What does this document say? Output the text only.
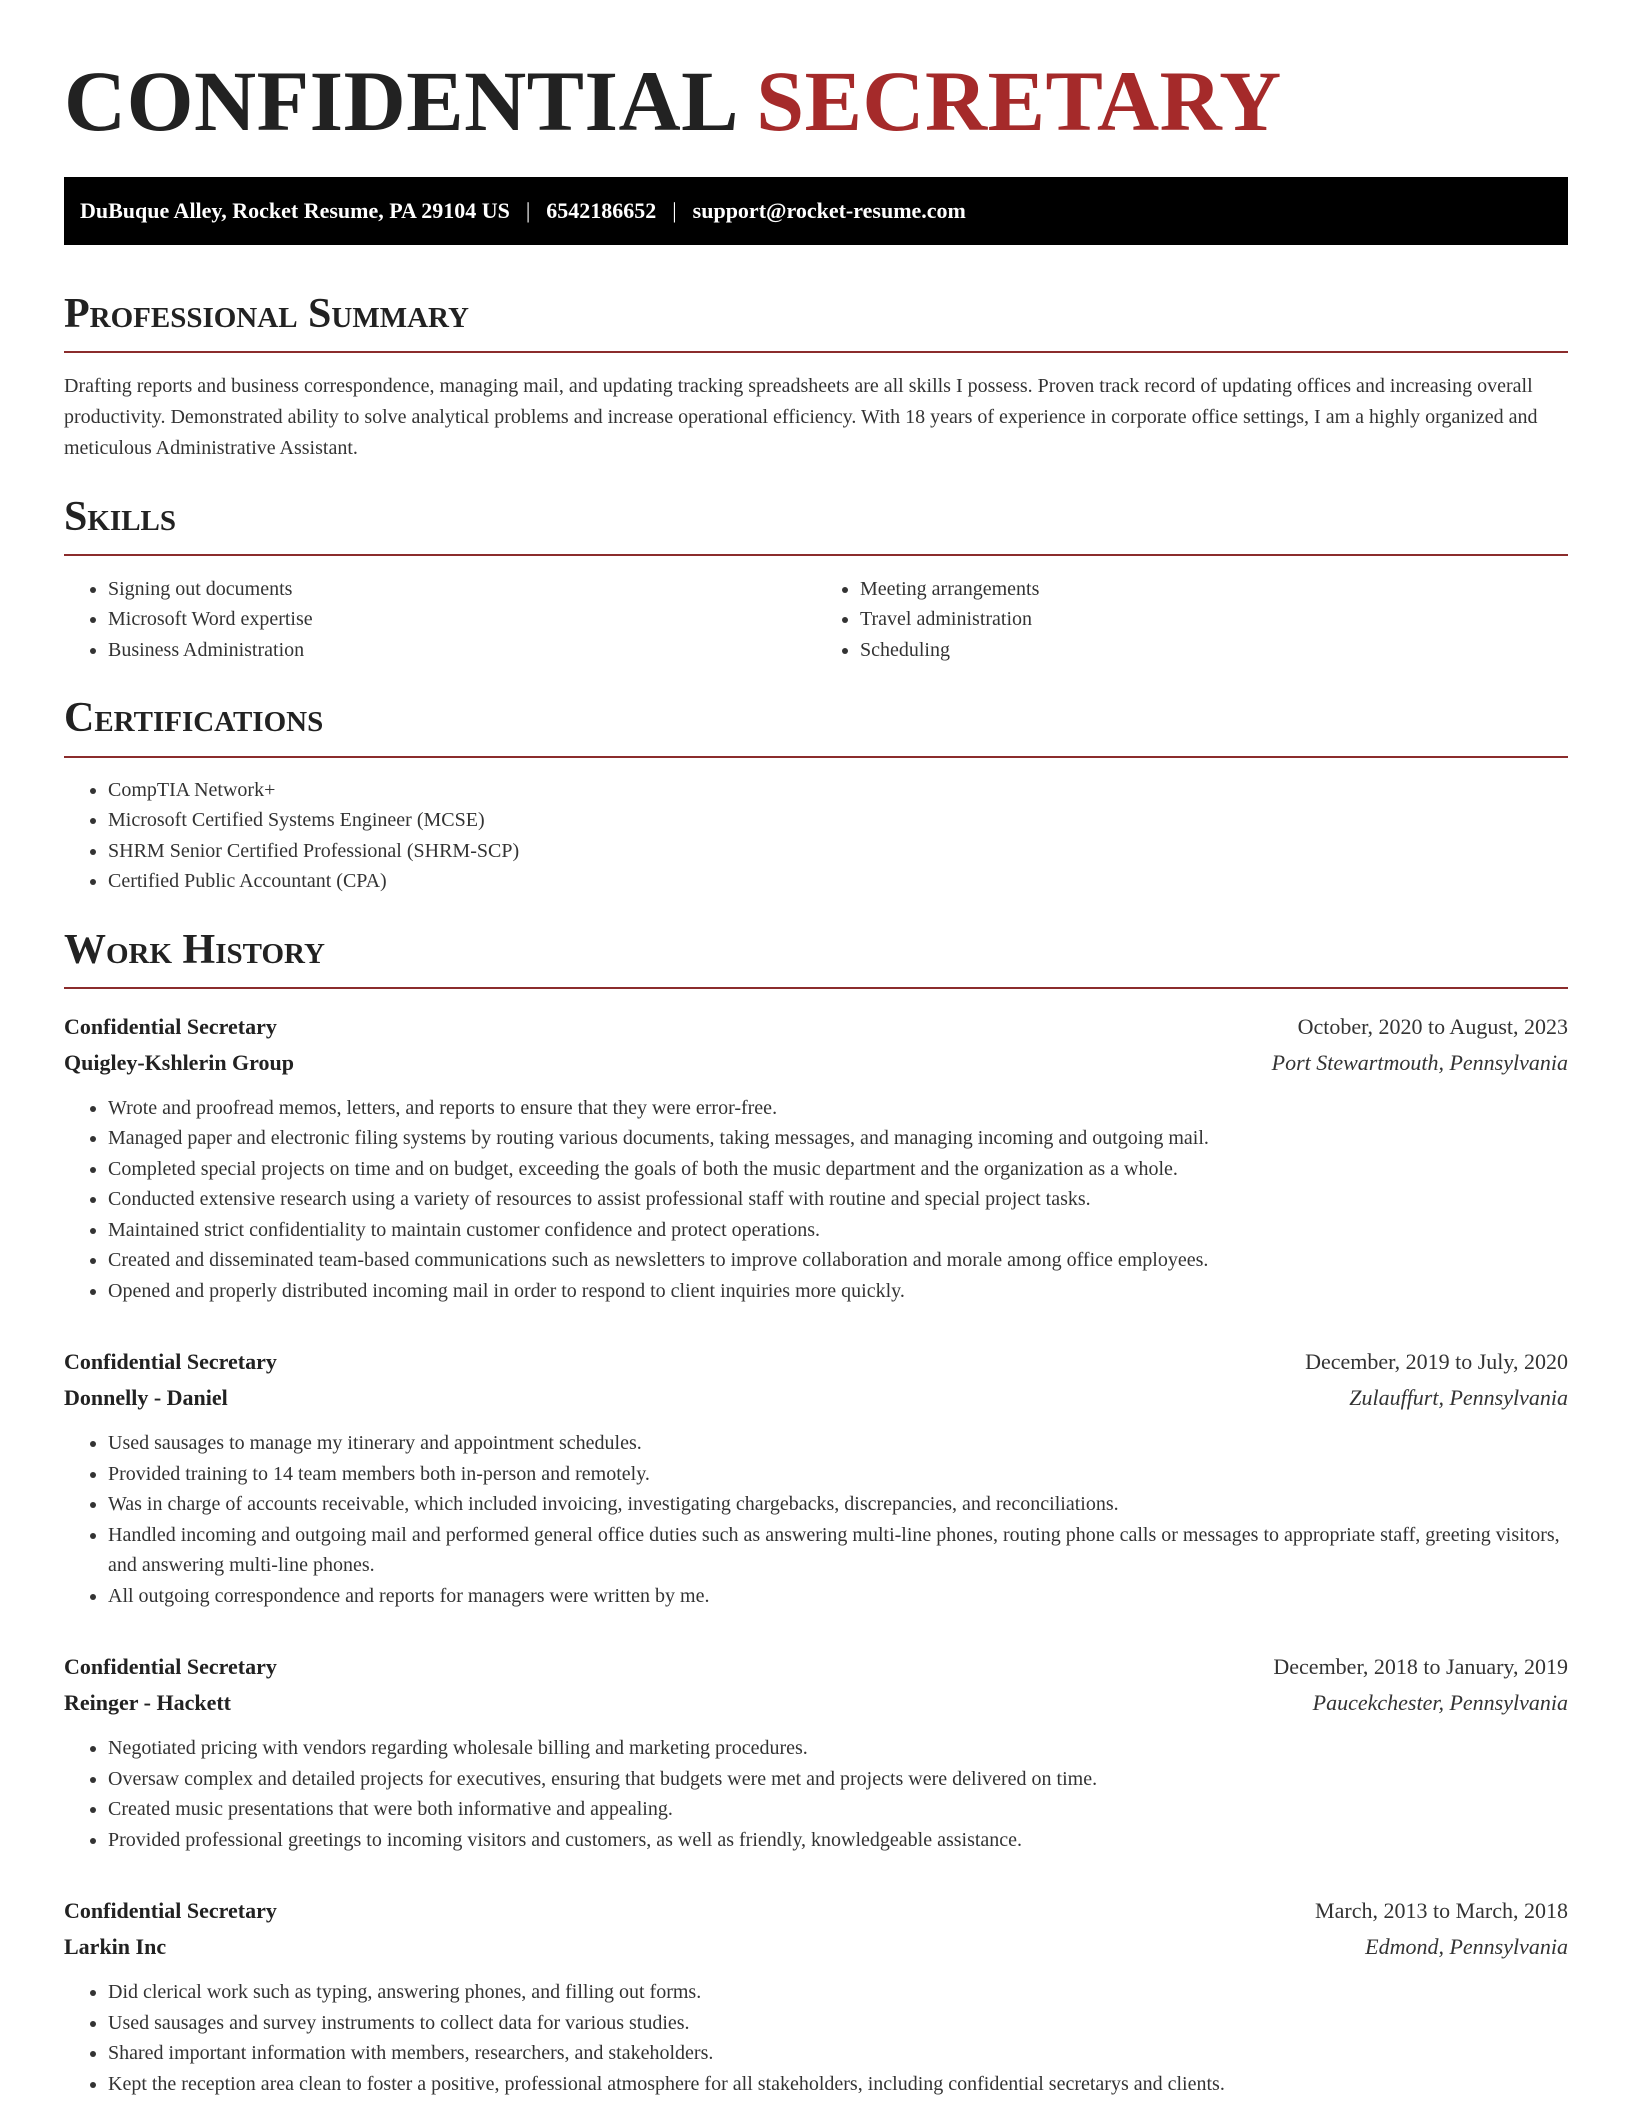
CONFIDENTIAL SECRETARY
DuBuque Alley, Rocket Resume, PA 29104 US | 6542186652 | support@rocket-resume.com
Professional Summary

Drafting reports and business correspondence, managing mail, and updating tracking spreadsheets are all skills I possess. Proven track record of updating offices and increasing overall productivity. Demonstrated ability to solve analytical problems and increase operational efficiency. With 18 years of experience in corporate office settings, I am a highly organized and meticulous Administrative Assistant.

Skills
• Signing out documents
• Microsoft Word expertise
• Business Administration
• Meeting arrangements
• Travel administration
• Scheduling
Certifications
• CompTIA Network+
• Microsoft Certified Systems Engineer (MCSE)
• SHRM Senior Certified Professional (SHRM-SCP)
• Certified Public Accountant (CPA)
Work History
Confidential Secretary	October, 2020 to August, 2023
Quigley-Kshlerin Group	Port Stewartmouth, Pennsylvania
• Wrote and proofread memos, letters, and reports to ensure that they were error-free.
• Managed paper and electronic filing systems by routing various documents, taking messages, and managing incoming and outgoing mail.
• Completed special projects on time and on budget, exceeding the goals of both the music department and the organization as a whole.
• Conducted extensive research using a variety of resources to assist professional staff with routine and special project tasks.
• Maintained strict confidentiality to maintain customer confidence and protect operations.
• Created and disseminated team-based communications such as newsletters to improve collaboration and morale among office employees.
• Opened and properly distributed incoming mail in order to respond to client inquiries more quickly.
Confidential Secretary	December, 2019 to July, 2020
Donnelly - Daniel	Zulauffurt, Pennsylvania
• Used sausages to manage my itinerary and appointment schedules.
• Provided training to 14 team members both in-person and remotely.
• Was in charge of accounts receivable, which included invoicing, investigating chargebacks, discrepancies, and reconciliations.
• Handled incoming and outgoing mail and performed general office duties such as answering multi-line phones, routing phone calls or messages to appropriate staff, greeting visitors, and answering multi-line phones.
• All outgoing correspondence and reports for managers were written by me.
Confidential Secretary	December, 2018 to January, 2019
Reinger - Hackett	Paucekchester, Pennsylvania
• Negotiated pricing with vendors regarding wholesale billing and marketing procedures.
• Oversaw complex and detailed projects for executives, ensuring that budgets were met and projects were delivered on time.
• Created music presentations that were both informative and appealing.
• Provided professional greetings to incoming visitors and customers, as well as friendly, knowledgeable assistance.
Confidential Secretary	March, 2013 to March, 2018
Larkin Inc	Edmond, Pennsylvania
• Did clerical work such as typing, answering phones, and filling out forms.
• Used sausages and survey instruments to collect data for various studies.
• Shared important information with members, researchers, and stakeholders.
• Kept the reception area clean to foster a positive, professional atmosphere for all stakeholders, including confidential secretarys and clients.
